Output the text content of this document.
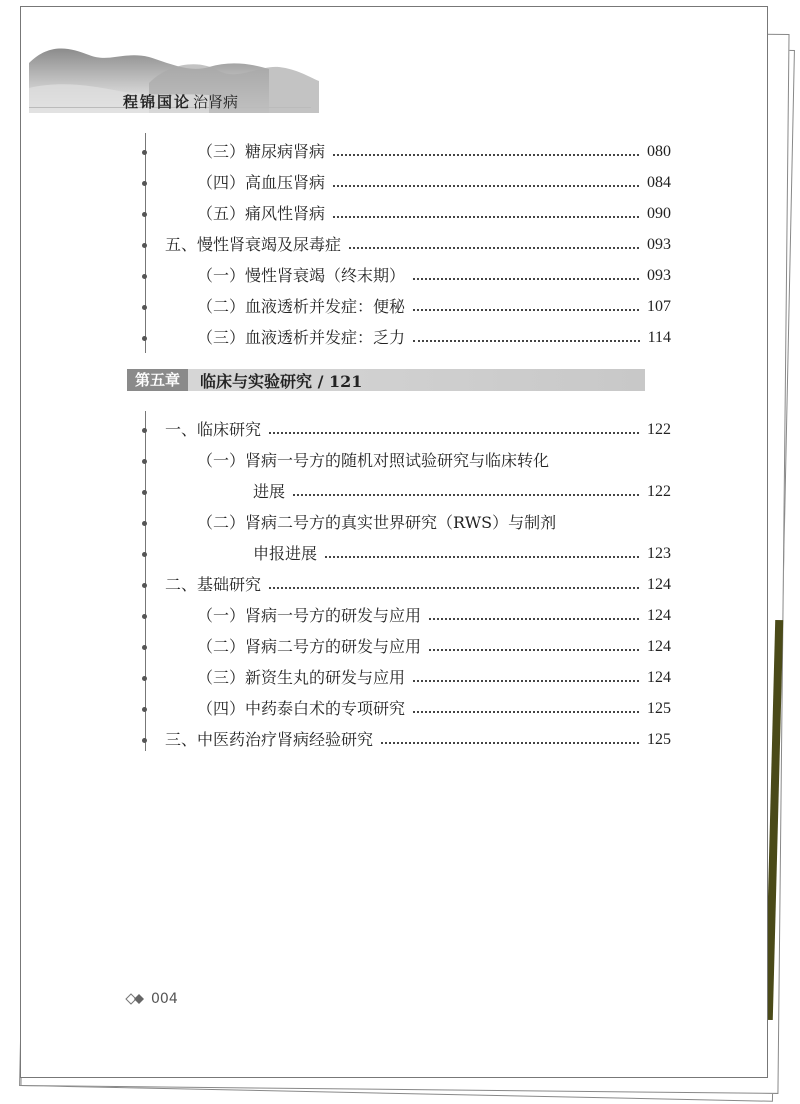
程锦国论 治肾病
（三）糖尿病肾病	080
（四）高血压肾病	084
（五）痛风性肾病	090
五、慢性肾衰竭及尿毒症	093
（一）慢性肾衰竭（终末期）	093
（二）血液透析并发症：便秘	107
（三）血液透析并发症：乏力	114
第五章	临床与实验研究 / 121
一、临床研究	122
（一）肾病一号方的随机对照试验研究与临床转化
进展	122
（二）肾病二号方的真实世界研究（RWS）与制剂
申报进展	123
二、基础研究	124
（一）肾病一号方的研发与应用	124
（二）肾病二号方的研发与应用	124
（三）新资生丸的研发与应用	124
（四）中药泰白术的专项研究	125
三、中医药治疗肾病经验研究	125
004
